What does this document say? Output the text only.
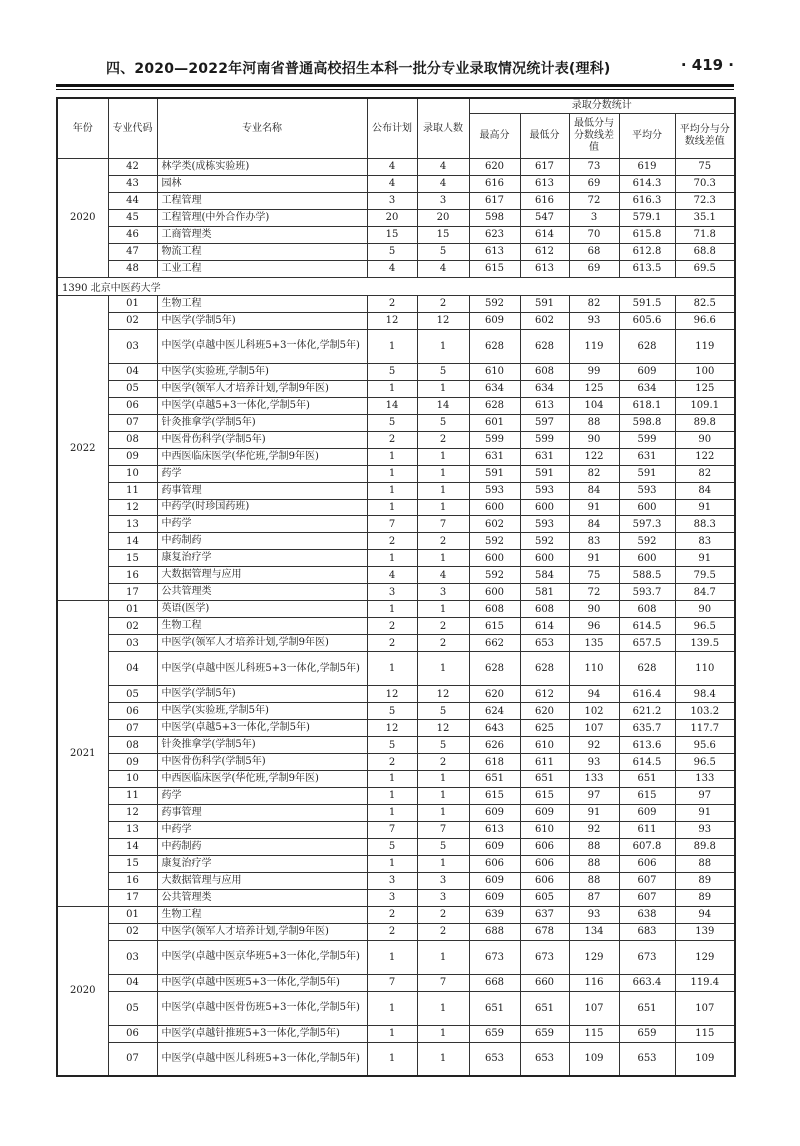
四、2020—2022年河南省普通高校招生本科一批分专业录取情况统计表(理科)	· 419 ·
年份	专业代码	专业名称	公布计划	录取人数	录取分数统计				
					最高分	最低分	最低分与分数线差值	平均分	平均分与分数线差值
2020	42	林学类(成栋实验班)	4	4	620	617	73	619	75
	43	园林	4	4	616	613	69	614.3	70.3
	44	工程管理	3	3	617	616	72	616.3	72.3
	45	工程管理(中外合作办学)	20	20	598	547	3	579.1	35.1
	46	工商管理类	15	15	623	614	70	615.8	71.8
	47	物流工程	5	5	613	612	68	612.8	68.8
	48	工业工程	4	4	615	613	69	613.5	69.5
1390 北京中医药大学									
2022	01	生物工程	2	2	592	591	82	591.5	82.5
	02	中医学(学制5年)	12	12	609	602	93	605.6	96.6
	03	中医学(卓越中医儿科班5+3一体化,学制5年)	1	1	628	628	119	628	119
	04	中医学(实验班,学制5年)	5	5	610	608	99	609	100
	05	中医学(领军人才培养计划,学制9年医)	1	1	634	634	125	634	125
	06	中医学(卓越5+3一体化,学制5年)	14	14	628	613	104	618.1	109.1
	07	针灸推拿学(学制5年)	5	5	601	597	88	598.8	89.8
	08	中医骨伤科学(学制5年)	2	2	599	599	90	599	90
	09	中西医临床医学(华佗班,学制9年医)	1	1	631	631	122	631	122
	10	药学	1	1	591	591	82	591	82
	11	药事管理	1	1	593	593	84	593	84
	12	中药学(时珍国药班)	1	1	600	600	91	600	91
	13	中药学	7	7	602	593	84	597.3	88.3
	14	中药制药	2	2	592	592	83	592	83
	15	康复治疗学	1	1	600	600	91	600	91
	16	大数据管理与应用	4	4	592	584	75	588.5	79.5
	17	公共管理类	3	3	600	581	72	593.7	84.7
2021	01	英语(医学)	1	1	608	608	90	608	90
	02	生物工程	2	2	615	614	96	614.5	96.5
	03	中医学(领军人才培养计划,学制9年医)	2	2	662	653	135	657.5	139.5
	04	中医学(卓越中医儿科班5+3一体化,学制5年)	1	1	628	628	110	628	110
	05	中医学(学制5年)	12	12	620	612	94	616.4	98.4
	06	中医学(实验班,学制5年)	5	5	624	620	102	621.2	103.2
	07	中医学(卓越5+3一体化,学制5年)	12	12	643	625	107	635.7	117.7
	08	针灸推拿学(学制5年)	5	5	626	610	92	613.6	95.6
	09	中医骨伤科学(学制5年)	2	2	618	611	93	614.5	96.5
	10	中西医临床医学(华佗班,学制9年医)	1	1	651	651	133	651	133
	11	药学	1	1	615	615	97	615	97
	12	药事管理	1	1	609	609	91	609	91
	13	中药学	7	7	613	610	92	611	93
	14	中药制药	5	5	609	606	88	607.8	89.8
	15	康复治疗学	1	1	606	606	88	606	88
	16	大数据管理与应用	3	3	609	606	88	607	89
	17	公共管理类	3	3	609	605	87	607	89
2020	01	生物工程	2	2	639	637	93	638	94
	02	中医学(领军人才培养计划,学制9年医)	2	2	688	678	134	683	139
	03	中医学(卓越中医京华班5+3一体化,学制5年)	1	1	673	673	129	673	129
	04	中医学(卓越中医班5+3一体化,学制5年)	7	7	668	660	116	663.4	119.4
	05	中医学(卓越中医骨伤班5+3一体化,学制5年)	1	1	651	651	107	651	107
	06	中医学(卓越针推班5+3一体化,学制5年)	1	1	659	659	115	659	115
	07	中医学(卓越中医儿科班5+3一体化,学制5年)	1	1	653	653	109	653	109
